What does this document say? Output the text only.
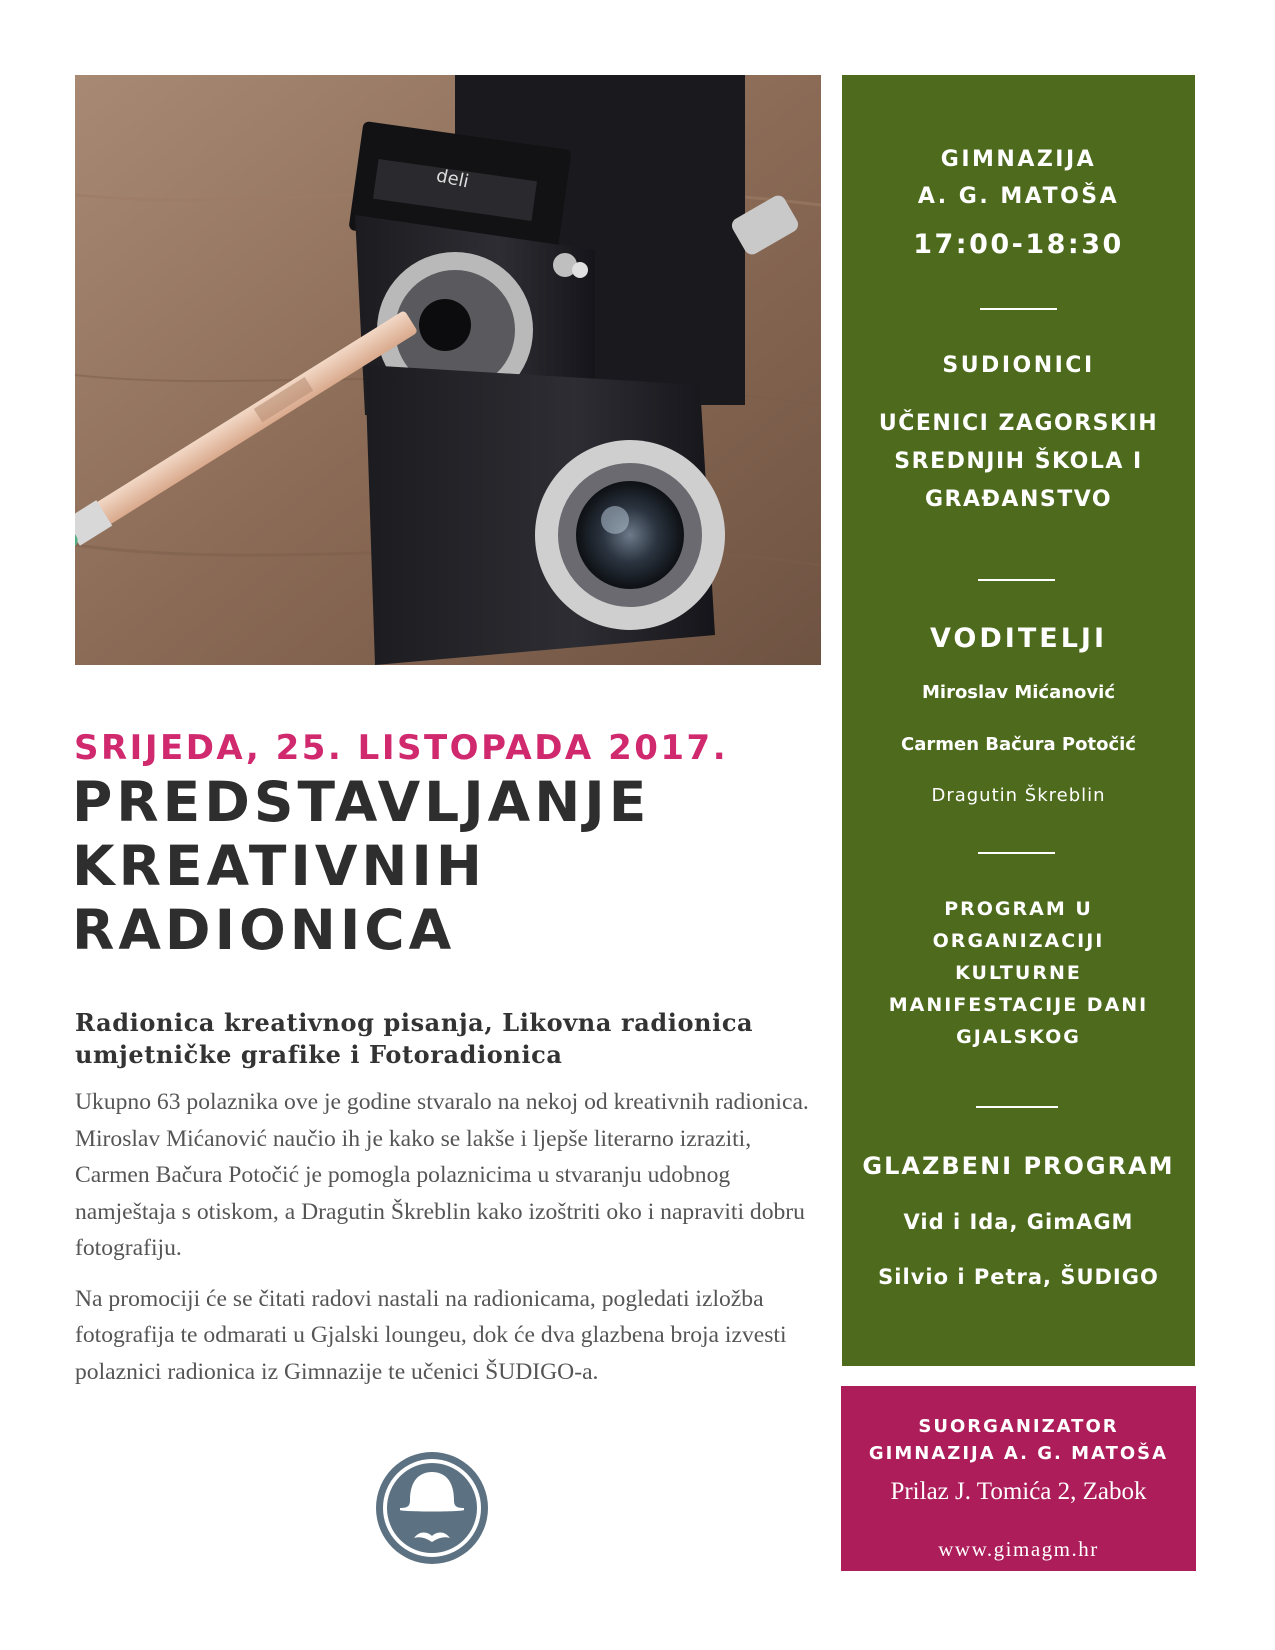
deli
SRIJEDA, 25. LISTOPADA 2017.
PREDSTAVLJANJE
KREATIVNIH
RADIONICA
Radionica kreativnog pisanja, Likovna radionica umjetničke grafike i Fotoradionica

Ukupno 63 polaznika ove je godine stvaralo na nekoj od kreativnih radionica. Miroslav Mićanović naučio ih je kako se lakše i ljepše literarno izraziti, Carmen Bačura Potočić je pomogla polaznicima u stvaranju udobnog namještaja s otiskom, a Dragutin Škreblin kako izoštriti oko i napraviti dobru fotografiju.

Na promociji će se čitati radovi nastali na radionicama, pogledati izložba fotografija te odmarati u Gjalski loungeu, dok će dva glazbena broja izvesti polaznici radionica iz Gimnazije te učenici ŠUDIGO-a.

GIMNAZIJA
A. G. MATOŠA
17:00-18:30
SUDIONICI
UČENICI ZAGORSKIH
SREDNJIH ŠKOLA I
GRAĐANSTVO
VODITELJI
Miroslav Mićanović
Carmen Bačura Potočić
Dragutin Škreblin
PROGRAM U
ORGANIZACIJI
KULTURNE
MANIFESTACIJE DANI
GJALSKOG
GLAZBENI PROGRAM
Vid i Ida, GimAGM
Silvio i Petra, ŠUDIGO
SUORGANIZATOR
GIMNAZIJA A. G. MATOŠA
Prilaz J. Tomića 2, Zabok
www.gimagm.hr
